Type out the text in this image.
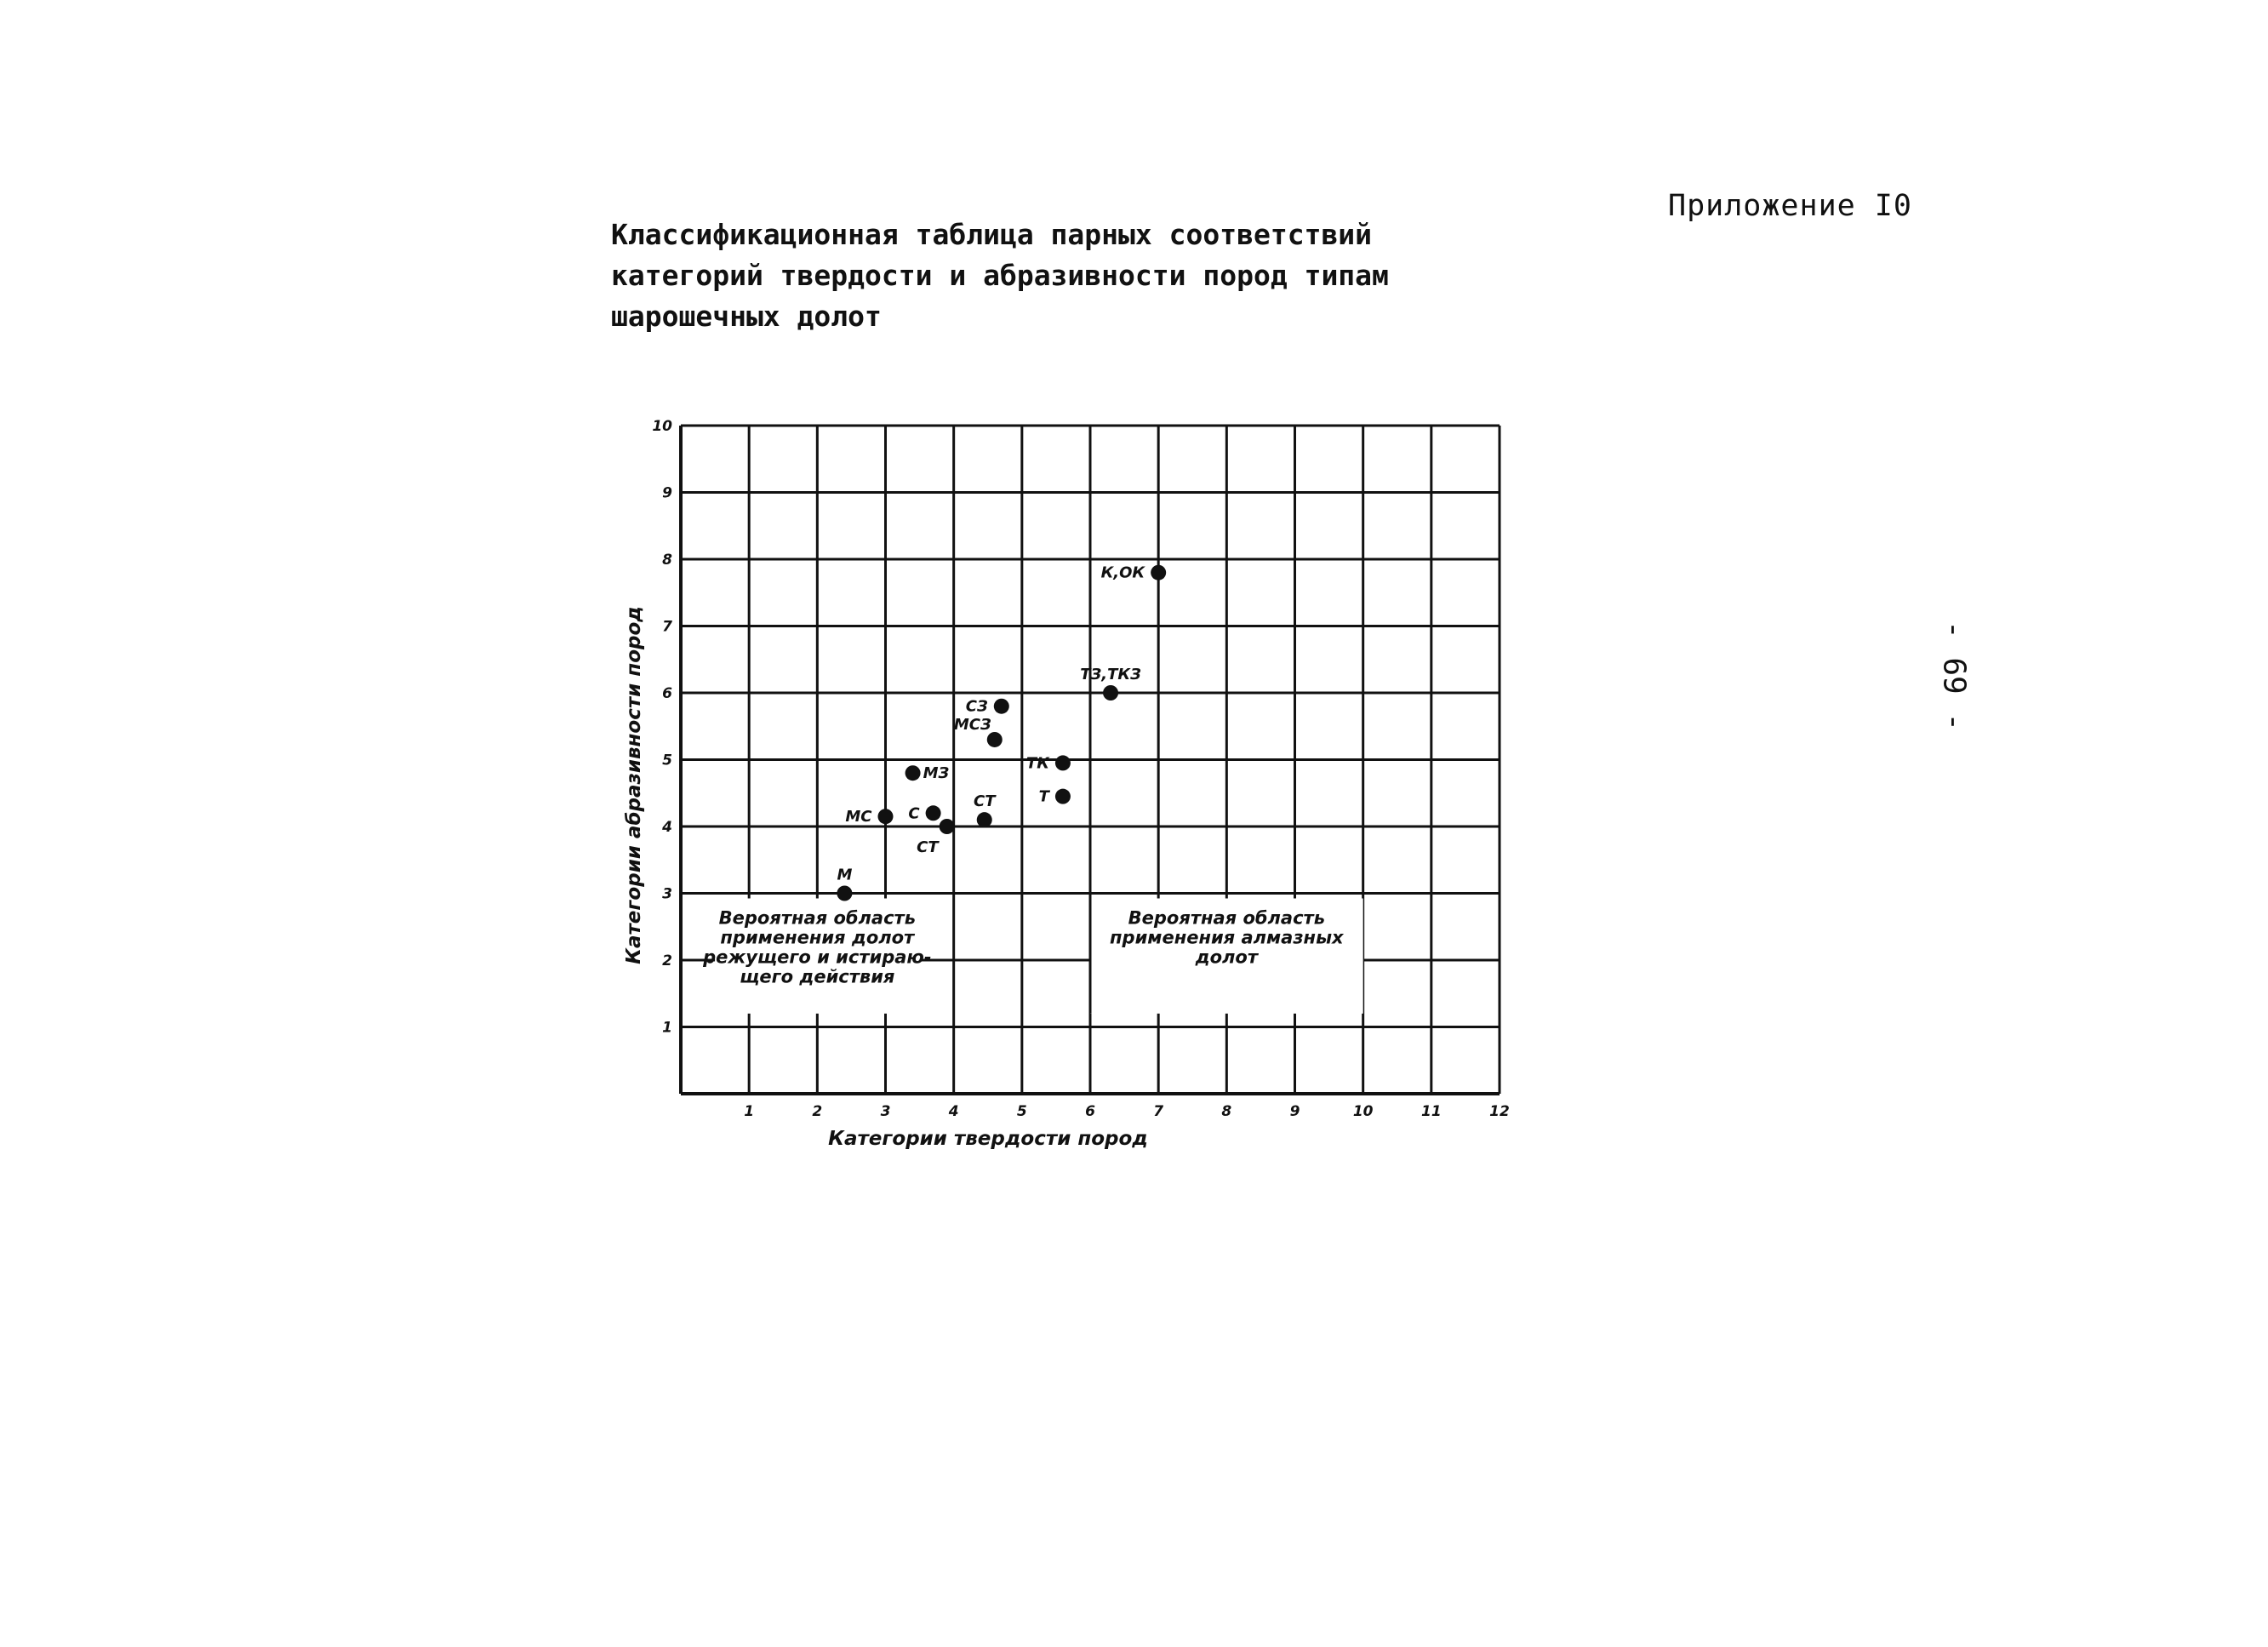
Приложение I0
Классификационная таблица парных соответствий
категорий твердости и абразивности пород типам
шарошечных долот
- 69 -
Вероятная область
применения долот
режущего и истираю-
щего действия
Вероятная область
применения алмазных
долот
1	2	3	4	5	6	7	8	9	10	11	12
1
2
3
4
5
6
7
8
9
10
М
МС
МЗ
С
СТ
СТ
СЗ
МСЗ
ТК
Т
ТЗ,ТКЗ
К,ОК
Категории твердости пород
Категории абразивности пород
